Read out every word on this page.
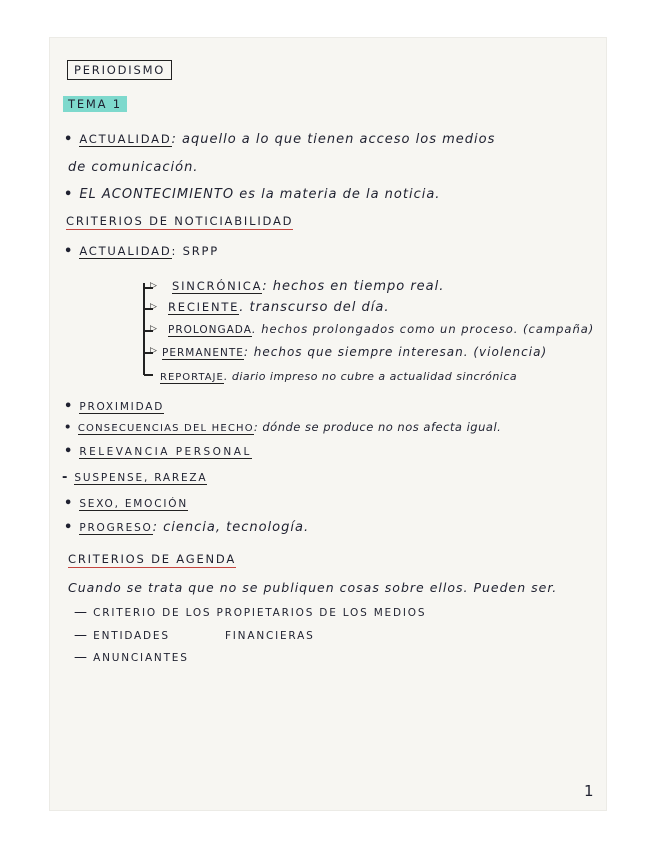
PERIODISMO
TEMA 1
• ACTUALIDAD: aquello a lo que tienen acceso los medios
de comunicación.
• EL ACONTECIMIENTO es la materia de la noticia.
CRITERIOS DE NOTICIABILIDAD
• ACTUALIDAD: SRPP
▷
▷
▷
▷
SINCRÓNICA: hechos en tiempo real.
RECIENTE. transcurso del día.
PROLONGADA. hechos prolongados como un proceso. (campaña)
PERMANENTE: hechos que siempre interesan. (violencia)
REPORTAJE. diario impreso no cubre a actualidad sincrónica
• PROXIMIDAD
• CONSECUENCIAS DEL HECHO: dónde se produce no nos afecta igual.
• RELEVANCIA PERSONAL
- SUSPENSE, RAREZA
• SEXO, EMOCIÓN
• PROGRESO: ciencia, tecnología.
CRITERIOS DE AGENDA
Cuando se trata que no se publiquen cosas sobre ellos. Pueden ser.
— CRITERIO DE LOS PROPIETARIOS DE LOS MEDIOS
— ENTIDADES FINANCIERAS
— ANUNCIANTES
1
